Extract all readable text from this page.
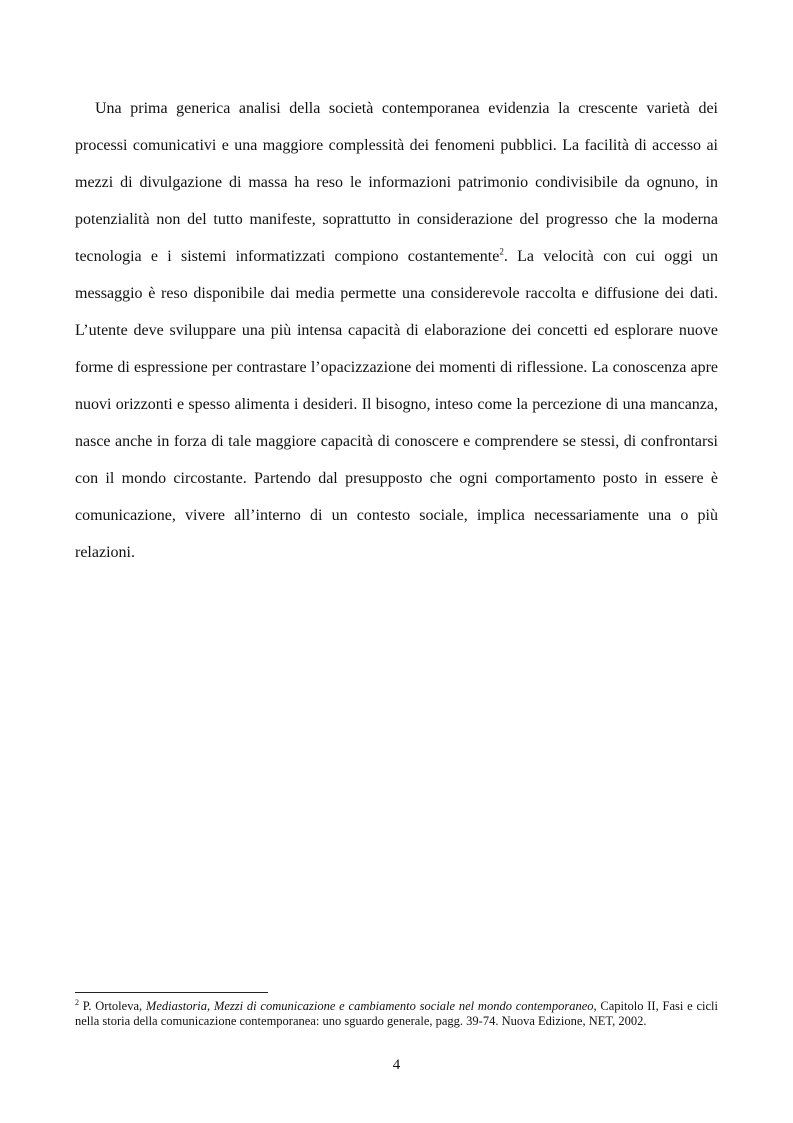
Una prima generica analisi della società contemporanea evidenzia la crescente varietà dei processi comunicativi e una maggiore complessità dei fenomeni pubblici. La facilità di accesso ai mezzi di divulgazione di massa ha reso le informazioni patrimonio condivisibile da ognuno, in potenzialità non del tutto manifeste, soprattutto in considerazione del progresso che la moderna tecnologia e i sistemi informatizzati compiono costantemente$^2$. La velocità con cui oggi un messaggio è reso disponibile dai media permette una considerevole raccolta e diffusione dei dati. L’utente deve sviluppare una più intensa capacità di elaborazione dei concetti ed esplorare nuove forme di espressione per contrastare l’opacizzazione dei momenti di riflessione. La conoscenza apre nuovi orizzonti e spesso alimenta i desideri. Il bisogno, inteso come la percezione di una mancanza, nasce anche in forza di tale maggiore capacità di conoscere e comprendere se stessi, di confrontarsi con il mondo circostante. Partendo dal presupposto che ogni comportamento posto in essere è comunicazione, vivere all’interno di un contesto sociale, implica necessariamente una o più relazioni.

$^2$ P. Ortoleva, Mediastoria, Mezzi di comunicazione e cambiamento sociale nel mondo contemporaneo, Capitolo II, Fasi e cicli nella storia della comunicazione contemporanea: uno sguardo generale, pagg. 39-74. Nuova Edizione, NET, 2002.

4
